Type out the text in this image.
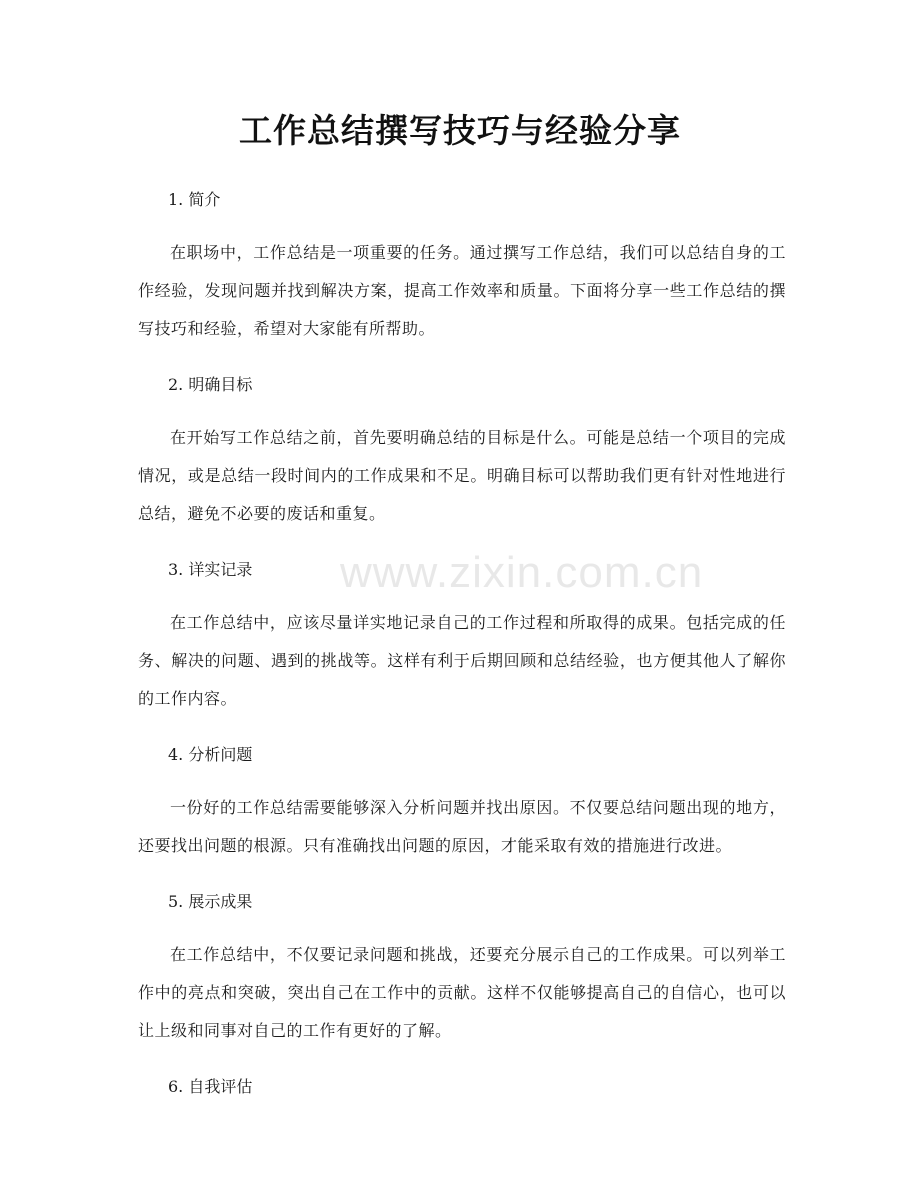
www.zixin.com.cn
工作总结撰写技巧与经验分享

1. 简介

在职场中，工作总结是一项重要的任务。通过撰写工作总结，我们可以总结自身的工作经验，发现问题并找到解决方案，提高工作效率和质量。下面将分享一些工作总结的撰写技巧和经验，希望对大家能有所帮助。

2. 明确目标

在开始写工作总结之前，首先要明确总结的目标是什么。可能是总结一个项目的完成情况，或是总结一段时间内的工作成果和不足。明确目标可以帮助我们更有针对性地进行总结，避免不必要的废话和重复。

3. 详实记录

在工作总结中，应该尽量详实地记录自己的工作过程和所取得的成果。包括完成的任务、解决的问题、遇到的挑战等。这样有利于后期回顾和总结经验，也方便其他人了解你的工作内容。

4. 分析问题

一份好的工作总结需要能够深入分析问题并找出原因。不仅要总结问题出现的地方，还要找出问题的根源。只有准确找出问题的原因，才能采取有效的措施进行改进。

5. 展示成果

在工作总结中，不仅要记录问题和挑战，还要充分展示自己的工作成果。可以列举工作中的亮点和突破，突出自己在工作中的贡献。这样不仅能够提高自己的自信心，也可以让上级和同事对自己的工作有更好的了解。

6. 自我评估
